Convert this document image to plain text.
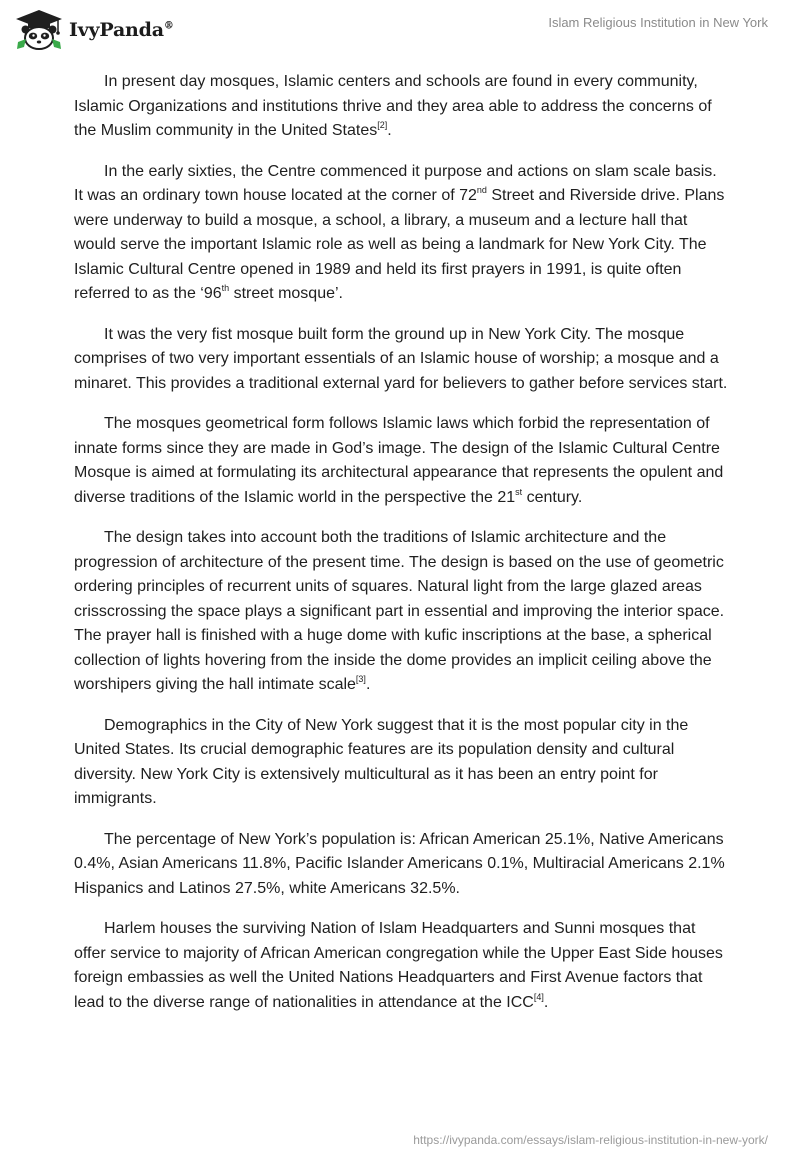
IvyPanda®	Islam Religious Institution in New York

In present day mosques, Islamic centers and schools are found in every community, Islamic Organizations and institutions thrive and they area able to address the concerns of the Muslim community in the United States[2].

In the early sixties, the Centre commenced it purpose and actions on slam scale basis. It was an ordinary town house located at the corner of 72nd Street and Riverside drive. Plans were underway to build a mosque, a school, a library, a museum and a lecture hall that would serve the important Islamic role as well as being a landmark for New York City. The Islamic Cultural Centre opened in 1989 and held its first prayers in 1991, is quite often referred to as the ‘96th street mosque’.

It was the very fist mosque built form the ground up in New York City. The mosque comprises of two very important essentials of an Islamic house of worship; a mosque and a minaret. This provides a traditional external yard for believers to gather before services start.

The mosques geometrical form follows Islamic laws which forbid the representation of innate forms since they are made in God’s image. The design of the Islamic Cultural Centre Mosque is aimed at formulating its architectural appearance that represents the opulent and diverse traditions of the Islamic world in the perspective the 21st century.

The design takes into account both the traditions of Islamic architecture and the progression of architecture of the present time. The design is based on the use of geometric ordering principles of recurrent units of squares. Natural light from the large glazed areas crisscrossing the space plays a significant part in essential and improving the interior space. The prayer hall is finished with a huge dome with kufic inscriptions at the base, a spherical collection of lights hovering from the inside the dome provides an implicit ceiling above the worshipers giving the hall intimate scale[3].

Demographics in the City of New York suggest that it is the most popular city in the United States. Its crucial demographic features are its population density and cultural diversity. New York City is extensively multicultural as it has been an entry point for immigrants.

The percentage of New York’s population is: African American 25.1%, Native Americans 0.4%, Asian Americans 11.8%, Pacific Islander Americans 0.1%, Multiracial Americans 2.1% Hispanics and Latinos 27.5%, white Americans 32.5%.

Harlem houses the surviving Nation of Islam Headquarters and Sunni mosques that offer service to majority of African American congregation while the Upper East Side houses foreign embassies as well the United Nations Headquarters and First Avenue factors that lead to the diverse range of nationalities in attendance at the ICC[4].

https://ivypanda.com/essays/islam-religious-institution-in-new-york/
